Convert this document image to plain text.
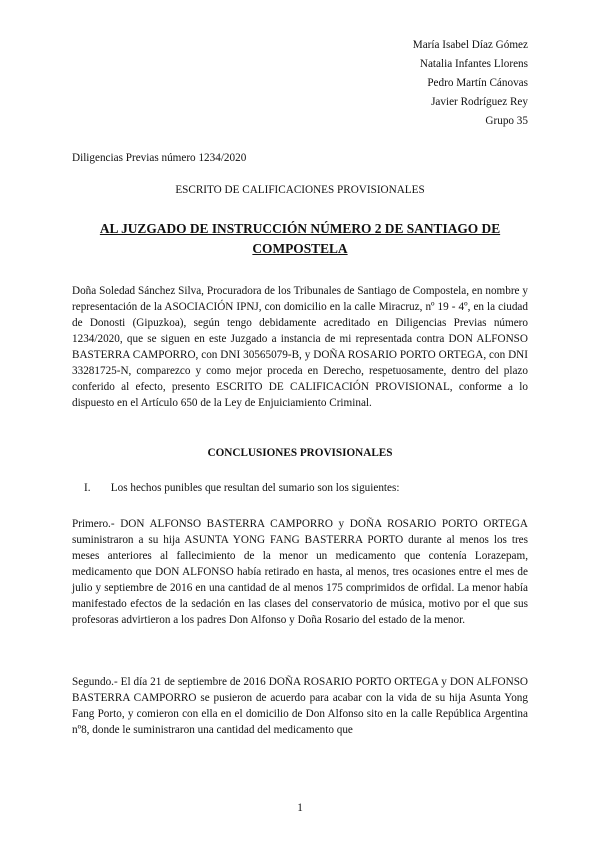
María Isabel Díaz Gómez
Natalia Infantes Llorens
Pedro Martín Cánovas
Javier Rodríguez Rey
Grupo 35
Diligencias Previas número 1234/2020
ESCRITO DE CALIFICACIONES PROVISIONALES
AL JUZGADO DE INSTRUCCIÓN NÚMERO 2 DE SANTIAGO DE COMPOSTELA
Doña Soledad Sánchez Silva, Procuradora de los Tribunales de Santiago de Compostela, en nombre y representación de la ASOCIACIÓN IPNJ, con domicilio en la calle Miracruz, nº 19 - 4º, en la ciudad de Donosti (Gipuzkoa), según tengo debidamente acreditado en Diligencias Previas número 1234/2020, que se siguen en este Juzgado a instancia de mi representada contra DON ALFONSO BASTERRA CAMPORRO, con DNI 30565079-B, y DOÑA ROSARIO PORTO ORTEGA, con DNI 33281725-N, comparezco y como mejor proceda en Derecho, respetuosamente, dentro del plazo conferido al efecto, presento ESCRITO DE CALIFICACIÓN PROVISIONAL, conforme a lo dispuesto en el Artículo 650 de la Ley de Enjuiciamiento Criminal.
CONCLUSIONES PROVISIONALES
I. Los hechos punibles que resultan del sumario son los siguientes:
Primero.- DON ALFONSO BASTERRA CAMPORRO y DOÑA ROSARIO PORTO ORTEGA suministraron a su hija ASUNTA YONG FANG BASTERRA PORTO durante al menos los tres meses anteriores al fallecimiento de la menor un medicamento que contenía Lorazepam, medicamento que DON ALFONSO había retirado en hasta, al menos, tres ocasiones entre el mes de julio y septiembre de 2016 en una cantidad de al menos 175 comprimidos de orfidal. La menor había manifestado efectos de la sedación en las clases del conservatorio de música, motivo por el que sus profesoras advirtieron a los padres Don Alfonso y Doña Rosario del estado de la menor.
Segundo.- El día 21 de septiembre de 2016 DOÑA ROSARIO PORTO ORTEGA y DON ALFONSO BASTERRA CAMPORRO se pusieron de acuerdo para acabar con la vida de su hija Asunta Yong Fang Porto, y comieron con ella en el domicilio de Don Alfonso sito en la calle República Argentina nº8, donde le suministraron una cantidad del medicamento que
1
